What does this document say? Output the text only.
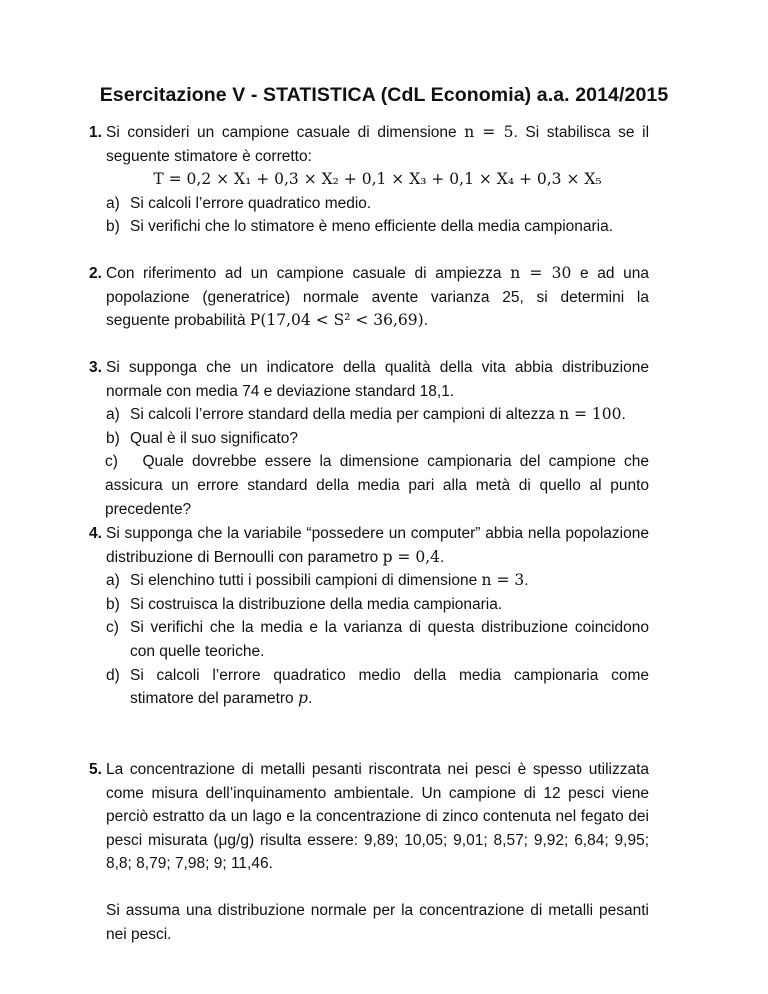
Esercitazione V - STATISTICA (CdL Economia) a.a. 2014/2015
1. Si consideri un campione casuale di dimensione n = 5. Si stabilisca se il seguente stimatore è corretto:
T = 0,2 × X₁ + 0,3 × X₂ + 0,1 × X₃ + 0,1 × X₄ + 0,3 × X₅
a) Si calcoli l’errore quadratico medio.
b) Si verifichi che lo stimatore è meno efficiente della media campionaria.
2. Con riferimento ad un campione casuale di ampiezza n = 30 e ad una popolazione (generatrice) normale avente varianza 25, si determini la seguente probabilità P(17,04 < S² < 36,69).
3. Si supponga che un indicatore della qualità della vita abbia distribuzione normale con media 74 e deviazione standard 18,1.
a) Si calcoli l’errore standard della media per campioni di altezza n = 100.
b) Qual è il suo significato?
c) Quale dovrebbe essere la dimensione campionaria del campione che assicura un errore standard della media pari alla metà di quello al punto precedente?
4. Si supponga che la variabile “possedere un computer” abbia nella popolazione distribuzione di Bernoulli con parametro p = 0,4.
a) Si elenchino tutti i possibili campioni di dimensione n = 3.
b) Si costruisca la distribuzione della media campionaria.
c) Si verifichi che la media e la varianza di questa distribuzione coincidono con quelle teoriche.
d) Si calcoli l’errore quadratico medio della media campionaria come stimatore del parametro p.
5. La concentrazione di metalli pesanti riscontrata nei pesci è spesso utilizzata come misura dell’inquinamento ambientale. Un campione di 12 pesci viene perciò estratto da un lago e la concentrazione di zinco contenuta nel fegato dei pesci misurata (μg/g) risulta essere: 9,89; 10,05; 9,01; 8,57; 9,92; 6,84; 9,95; 8,8; 8,79; 7,98; 9; 11,46.
Si assuma una distribuzione normale per la concentrazione di metalli pesanti nei pesci.
